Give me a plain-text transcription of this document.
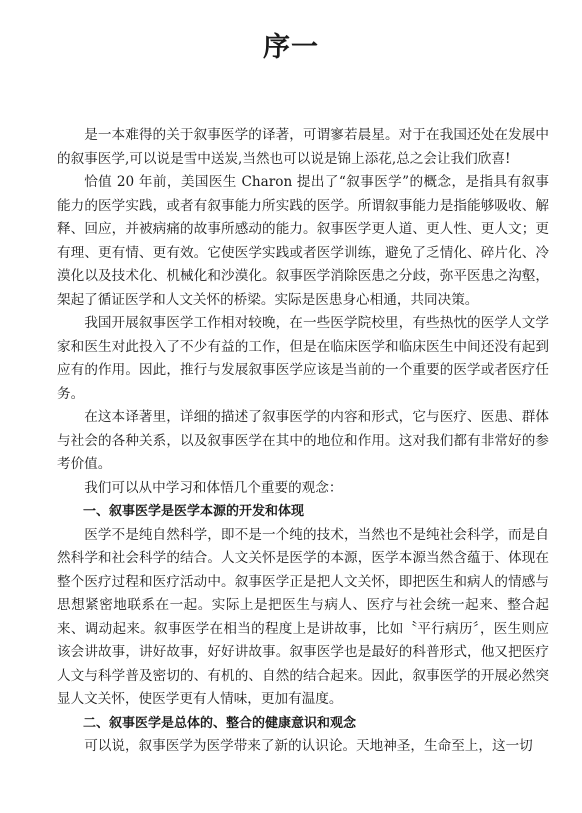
序一

是一本难得的关于叙事医学的译著，可谓寥若晨星。对于在我国还处在发展中的叙事医学,可以说是雪中送炭,当然也可以说是锦上添花,总之会让我们欣喜!

恰值 20 年前，美国医生 Charon 提出了“叙事医学”的概念，是指具有叙事能力的医学实践，或者有叙事能力所实践的医学。所谓叙事能力是指能够吸收、解释、回应，并被病痛的故事所感动的能力。叙事医学更人道、更人性、更人文；更有理、更有情、更有效。它使医学实践或者医学训练，避免了乏情化、碎片化、冷漠化以及技术化、机械化和沙漠化。叙事医学消除医患之分歧，弥平医患之沟壑，架起了循证医学和人文关怀的桥梁。实际是医患身心相通，共同决策。

我国开展叙事医学工作相对较晚，在一些医学院校里，有些热忱的医学人文学家和医生对此投入了不少有益的工作，但是在临床医学和临床医生中间还没有起到应有的作用。因此，推行与发展叙事医学应该是当前的一个重要的医学或者医疗任务。

在这本译著里，详细的描述了叙事医学的内容和形式，它与医疗、医患、群体与社会的各种关系，以及叙事医学在其中的地位和作用。这对我们都有非常好的参考价值。

我们可以从中学习和体悟几个重要的观念：

一、叙事医学是医学本源的开发和体现

医学不是纯自然科学，即不是一个纯的技术，当然也不是纯社会科学，而是自然科学和社会科学的结合。人文关怀是医学的本源，医学本源当然含蕴于、体现在整个医疗过程和医疗活动中。叙事医学正是把人文关怀，即把医生和病人的情感与思想紧密地联系在一起。实际上是把医生与病人、医疗与社会统一起来、整合起来、调动起来。叙事医学在相当的程度上是讲故事，比如〝平行病历〞，医生则应该会讲故事，讲好故事，好好讲故事。叙事医学也是最好的科普形式，他又把医疗人文与科学普及密切的、有机的、自然的结合起来。因此，叙事医学的开展必然突显人文关怀，使医学更有人情味，更加有温度。

二、叙事医学是总体的、整合的健康意识和观念

可以说，叙事医学为医学带来了新的认识论。天地神圣，生命至上，这一切
